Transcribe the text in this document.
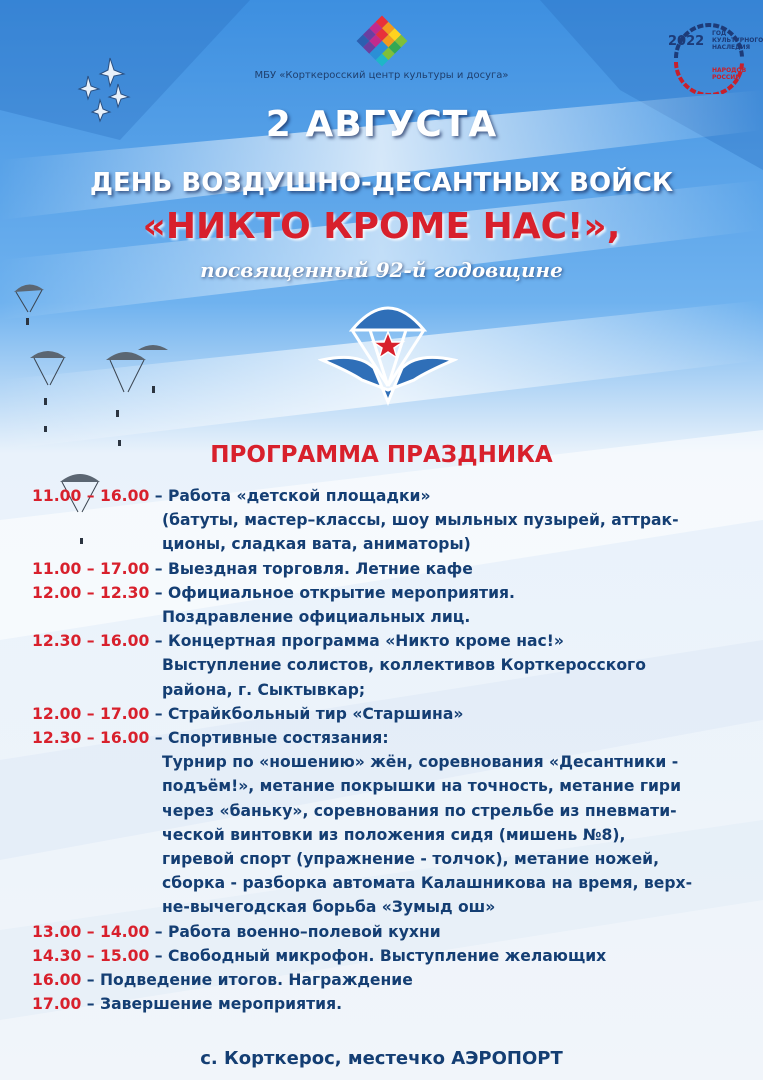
МБУ «Корткеросский центр культуры и досуга»
2022
ГОД КУЛЬТУРНОГО НАСЛЕДИЯ
НАРОДОВ РОССИИ
2 АВГУСТА
ДЕНЬ ВОЗДУШНО-ДЕСАНТНЫХ ВОЙСК
«НИКТО КРОМЕ НАС!»,
посвященный 92-й годовщине
ПРОГРАММА ПРАЗДНИКА
11.00 – 16.00 – Работа «детской площадки»
(батуты, мастер–классы, шоу мыльных пузырей, аттрак-
ционы, сладкая вата, аниматоры)
11.00 – 17.00 – Выездная торговля. Летние кафе
12.00 – 12.30 – Официальное открытие мероприятия.
Поздравление официальных лиц.
12.30 – 16.00 – Концертная программа «Никто кроме нас!»
Выступление солистов, коллективов Корткеросского
района, г. Сыктывкар;
12.00 – 17.00 – Страйкбольный тир «Старшина»
12.30 – 16.00 – Спортивные состязания:
Турнир по «ношению» жён, соревнования «Десантники -
подъём!», метание покрышки на точность, метание гири
через «баньку», соревнования по стрельбе из пневмати-
ческой винтовки из положения сидя (мишень №8),
гиревой спорт (упражнение - толчок), метание ножей,
сборка - разборка автомата Калашникова на время, верх-
не-вычегодская борьба «Зумыд ош»
13.00 – 14.00 – Работа военно–полевой кухни
14.30 – 15.00 – Свободный микрофон. Выступление желающих
16.00 – Подведение итогов. Награждение
17.00 – Завершение мероприятия.
с. Корткерос, местечко АЭРОПОРТ
